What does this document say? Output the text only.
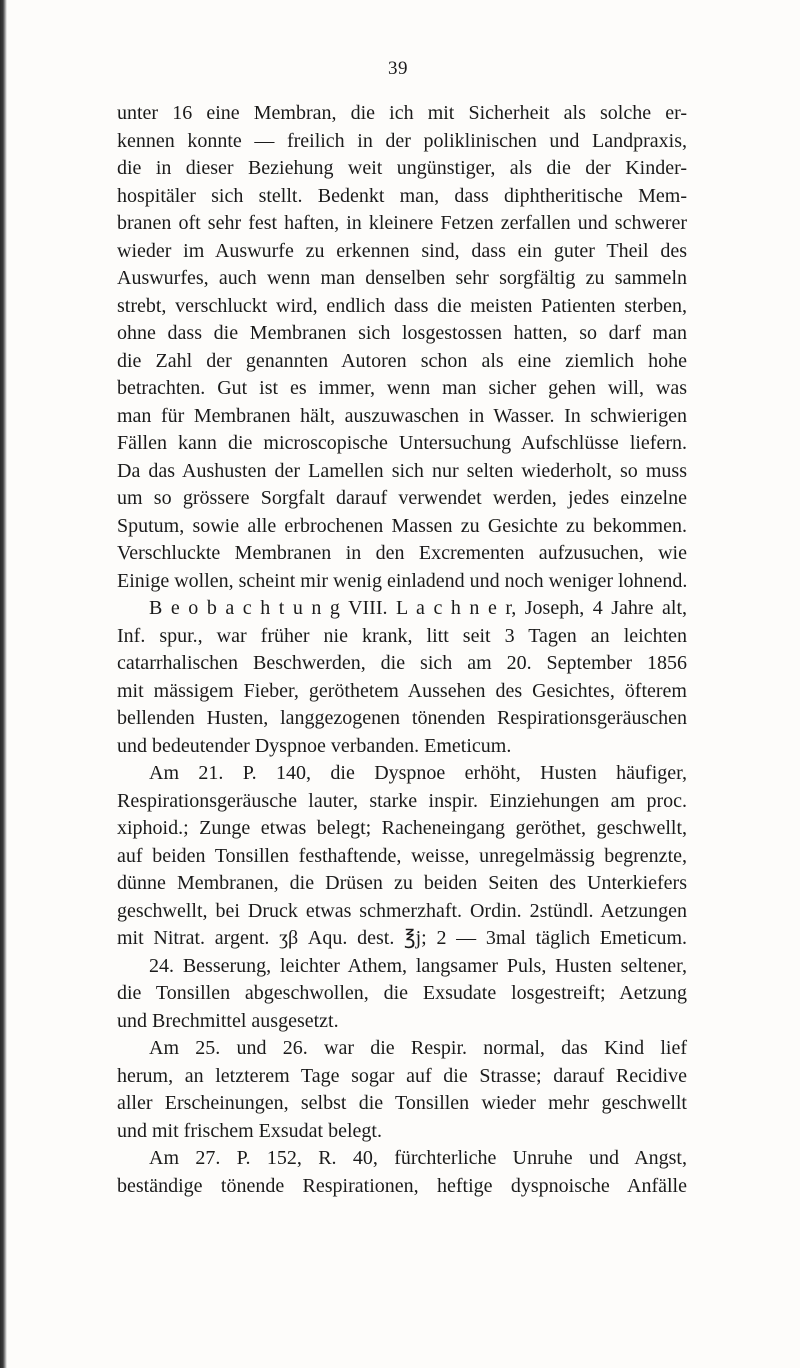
39
unter 16 eine Membran, die ich mit Sicherheit als solche er-
kennen konnte — freilich in der poliklinischen und Landpraxis,
die in dieser Beziehung weit ungünstiger, als die der Kinder-
hospitäler sich stellt. Bedenkt man, dass diphtheritische Mem-
branen oft sehr fest haften, in kleinere Fetzen zerfallen und schwerer
wieder im Auswurfe zu erkennen sind, dass ein guter Theil des
Auswurfes, auch wenn man denselben sehr sorgfältig zu sammeln
strebt, verschluckt wird, endlich dass die meisten Patienten sterben,
ohne dass die Membranen sich losgestossen hatten, so darf man
die Zahl der genannten Autoren schon als eine ziemlich hohe
betrachten. Gut ist es immer, wenn man sicher gehen will, was
man für Membranen hält, auszuwaschen in Wasser. In schwierigen
Fällen kann die microscopische Untersuchung Aufschlüsse liefern.
Da das Aushusten der Lamellen sich nur selten wiederholt, so muss
um so grössere Sorgfalt darauf verwendet werden, jedes einzelne
Sputum, sowie alle erbrochenen Massen zu Gesichte zu bekommen.
Verschluckte Membranen in den Excrementen aufzusuchen, wie
Einige wollen, scheint mir wenig einladend und noch weniger lohnend.
B e o b a c h t u n g VIII. L a c h n e r, Joseph, 4 Jahre alt,
Inf. spur., war früher nie krank, litt seit 3 Tagen an leichten
catarrhalischen Beschwerden, die sich am 20. September 1856
mit mässigem Fieber, geröthetem Aussehen des Gesichtes, öfterem
bellenden Husten, langgezogenen tönenden Respirationsgeräuschen
und bedeutender Dyspnoe verbanden. Emeticum.
Am 21. P. 140, die Dyspnoe erhöht, Husten häufiger,
Respirationsgeräusche lauter, starke inspir. Einziehungen am proc.
xiphoid.; Zunge etwas belegt; Racheneingang geröthet, geschwellt,
auf beiden Tonsillen festhaftende, weisse, unregelmässig begrenzte,
dünne Membranen, die Drüsen zu beiden Seiten des Unterkiefers
geschwellt, bei Druck etwas schmerzhaft. Ordin. 2stündl. Aetzungen
mit Nitrat. argent. ʒβ Aqu. dest. ℥j; 2 — 3mal täglich Emeticum.
24. Besserung, leichter Athem, langsamer Puls, Husten seltener,
die Tonsillen abgeschwollen, die Exsudate losgestreift; Aetzung
und Brechmittel ausgesetzt.
Am 25. und 26. war die Respir. normal, das Kind lief
herum, an letzterem Tage sogar auf die Strasse; darauf Recidive
aller Erscheinungen, selbst die Tonsillen wieder mehr geschwellt
und mit frischem Exsudat belegt.
Am 27. P. 152, R. 40, fürchterliche Unruhe und Angst,
beständige tönende Respirationen, heftige dyspnoische Anfälle
